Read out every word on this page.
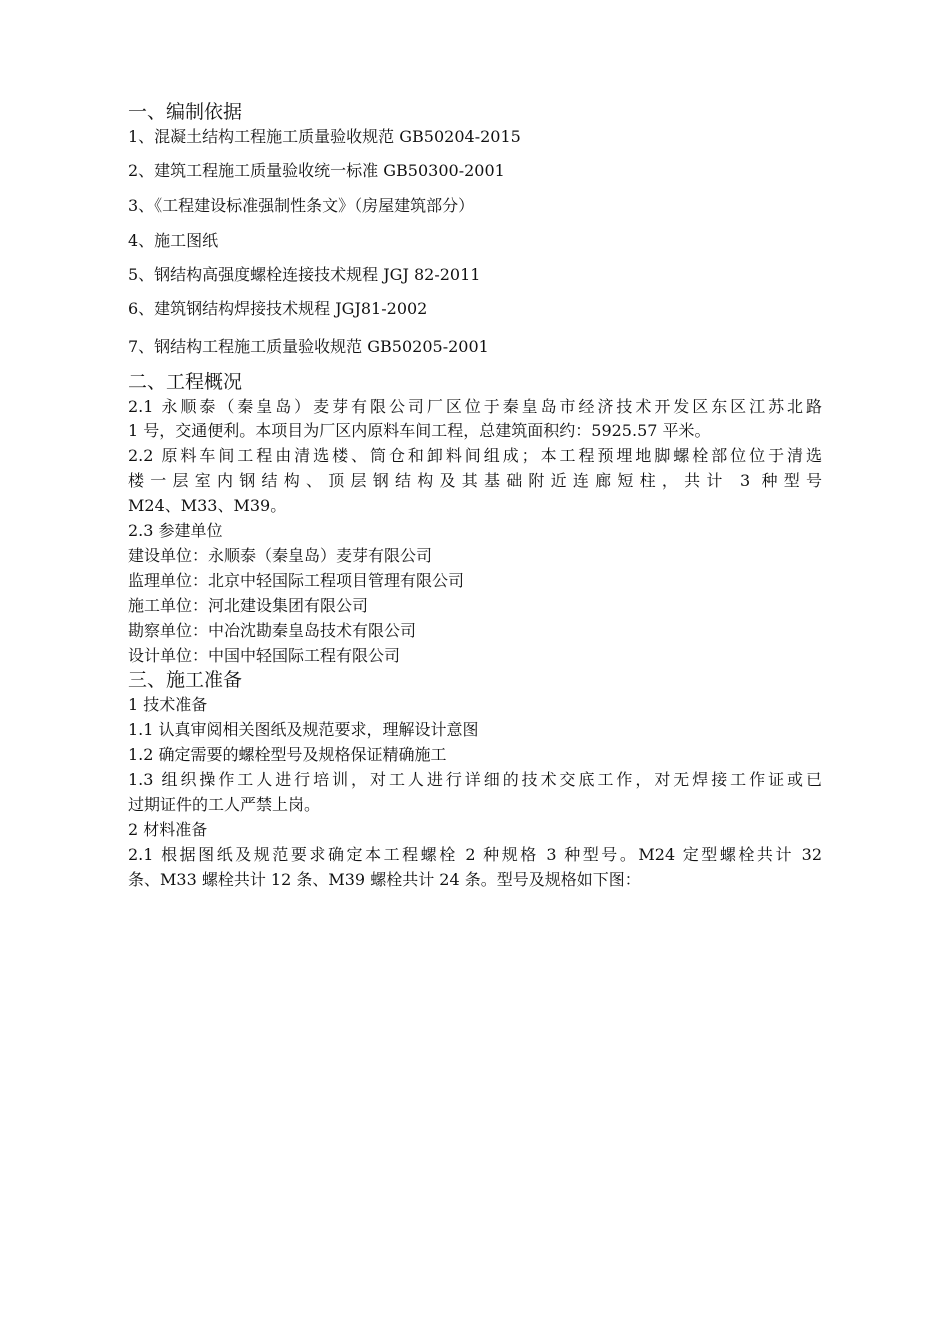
一、编制依据
1、混凝土结构工程施工质量验收规范 GB50204-2015
2、建筑工程施工质量验收统一标准 GB50300-2001
3、《工程建设标准强制性条文》（房屋建筑部分）
4、施工图纸
5、钢结构高强度螺栓连接技术规程 JGJ 82-2011
6、建筑钢结构焊接技术规程 JGJ81-2002
7、钢结构工程施工质量验收规范 GB50205-2001
二、工程概况
2.1 永顺泰（秦皇岛）麦芽有限公司厂区位于秦皇岛市经济技术开发区东区江苏北路
1 号，交通便利。本项目为厂区内原料车间工程，总建筑面积约：5925.57 平米。
2.2 原料车间工程由清选楼、筒仓和卸料间组成；本工程预埋地脚螺栓部位位于清选
楼一层室内钢结构、顶层钢结构及其基础附近连廊短柱，共计 3 种型号
M24、M33、M39。
2.3 参建单位
建设单位：永顺泰（秦皇岛）麦芽有限公司
监理单位：北京中轻国际工程项目管理有限公司
施工单位：河北建设集团有限公司
勘察单位：中冶沈勘秦皇岛技术有限公司
设计单位：中国中轻国际工程有限公司
三、施工准备
1 技术准备
1.1 认真审阅相关图纸及规范要求，理解设计意图
1.2 确定需要的螺栓型号及规格保证精确施工
1.3 组织操作工人进行培训，对工人进行详细的技术交底工作，对无焊接工作证或已
过期证件的工人严禁上岗。
2 材料准备
2.1 根据图纸及规范要求确定本工程螺栓 2 种规格 3 种型号。M24 定型螺栓共计 32
条、M33 螺栓共计 12 条、M39 螺栓共计 24 条。型号及规格如下图：
